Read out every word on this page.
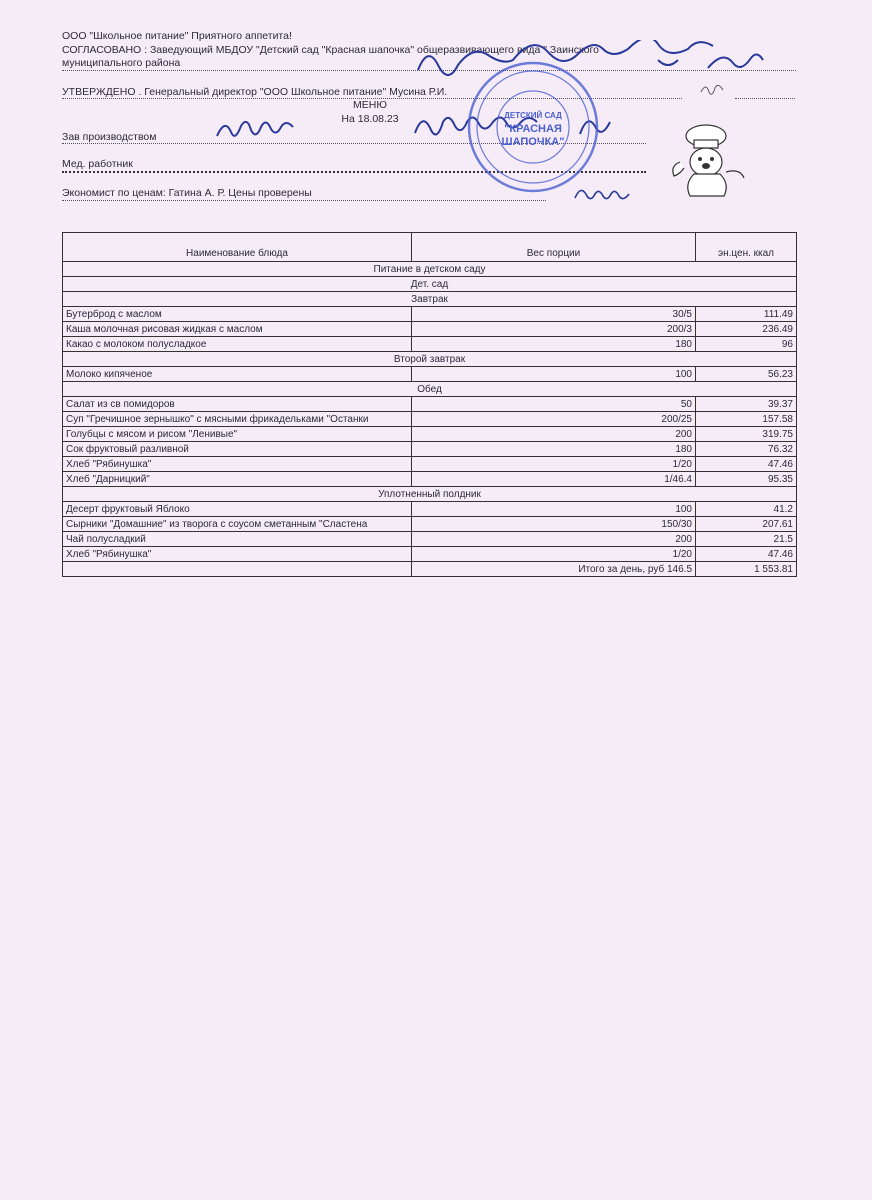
ООО "Школьное питание" Приятного аппетита!
СОГЛАСОВАНО : Заведующий МБДОУ "Детский сад "Красная шапочка" общеразвивающего вида " Заинского
муниципального района
УТВЕРЖДЕНО . Генеральный директор "ООО Школьное питание" Мусина Р.И.
МЕНЮ
На 18.08.23
Зав производством
Мед. работник
Экономист по ценам: Гатина А. Р. Цены проверены
ДЕТСКИЙ САД
"КРАСНАЯ
ШАПОЧКА"
Наименование блюда	Вес порции	эн.цен. ккал
Питание в детском саду		
Дет. сад		
Завтрак		
Бутерброд с маслом	30/5	111.49
Каша молочная рисовая жидкая с маслом	200/3	236.49
Какао с молоком полусладкое	180	96
Второй завтрак		
Молоко кипяченое	100	56.23
Обед		
Салат из св помидоров	50	39.37
Суп "Гречишное зернышко" с мясными фрикадельками "Останки	200/25	157.58
Голубцы с мясом и рисом "Ленивые"	200	319.75
Сок фруктовый разливной	180	76.32
Хлеб "Рябинушка"	1/20	47.46
Хлеб "Дарницкий"	1/46.4	95.35
Уплотненный полдник		
Десерт фруктовый Яблоко	100	41.2
Сырники "Домашние" из творога с соусом сметанным "Сластена	150/30	207.61
Чай полусладкий	200	21.5
Хлеб "Рябинушка"	1/20	47.46
	Итого за день, руб 146.5	1 553.81
